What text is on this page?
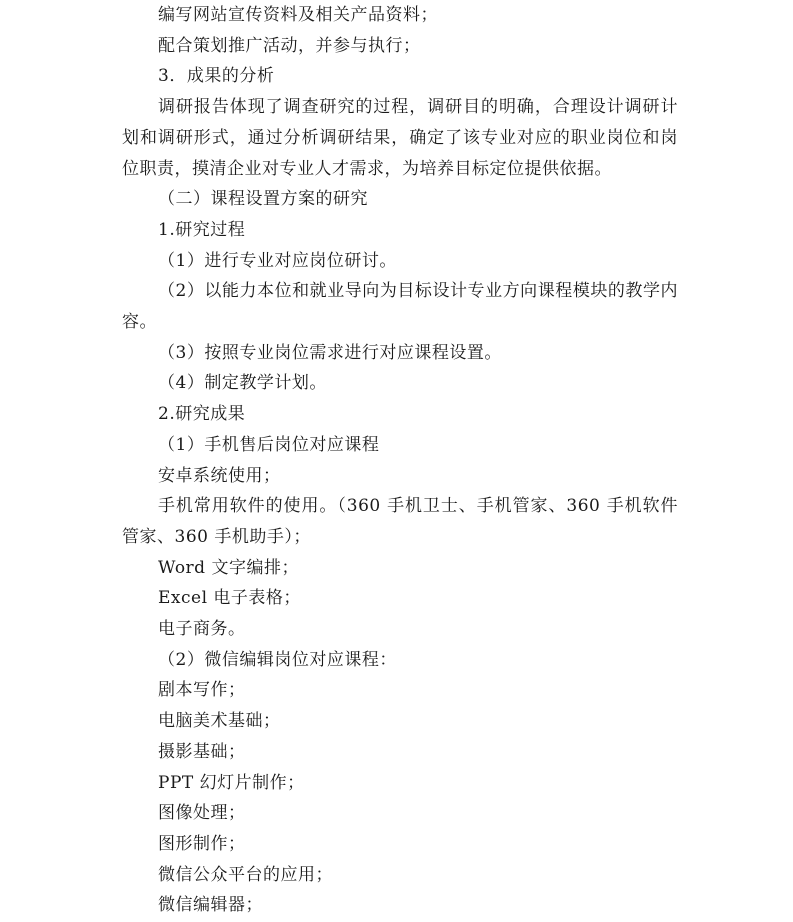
编写网站宣传资料及相关产品资料；

配合策划推广活动，并参与执行；

3．成果的分析

调研报告体现了调查研究的过程，调研目的明确，合理设计调研计划和调研形式，通过分析调研结果，确定了该专业对应的职业岗位和岗位职责，摸清企业对专业人才需求，为培养目标定位提供依据。

（二）课程设置方案的研究

1.研究过程

（1）进行专业对应岗位研讨。

（2）以能力本位和就业导向为目标设计专业方向课程模块的教学内容。

（3）按照专业岗位需求进行对应课程设置。

（4）制定教学计划。

2.研究成果

（1）手机售后岗位对应课程

安卓系统使用；

手机常用软件的使用。（360 手机卫士、手机管家、360 手机软件管家、360 手机助手）；

Word 文字编排；

Excel 电子表格；

电子商务。

（2）微信编辑岗位对应课程：

剧本写作；

电脑美术基础；

摄影基础；

PPT 幻灯片制作；

图像处理；

图形制作；

微信公众平台的应用；

微信编辑器；
